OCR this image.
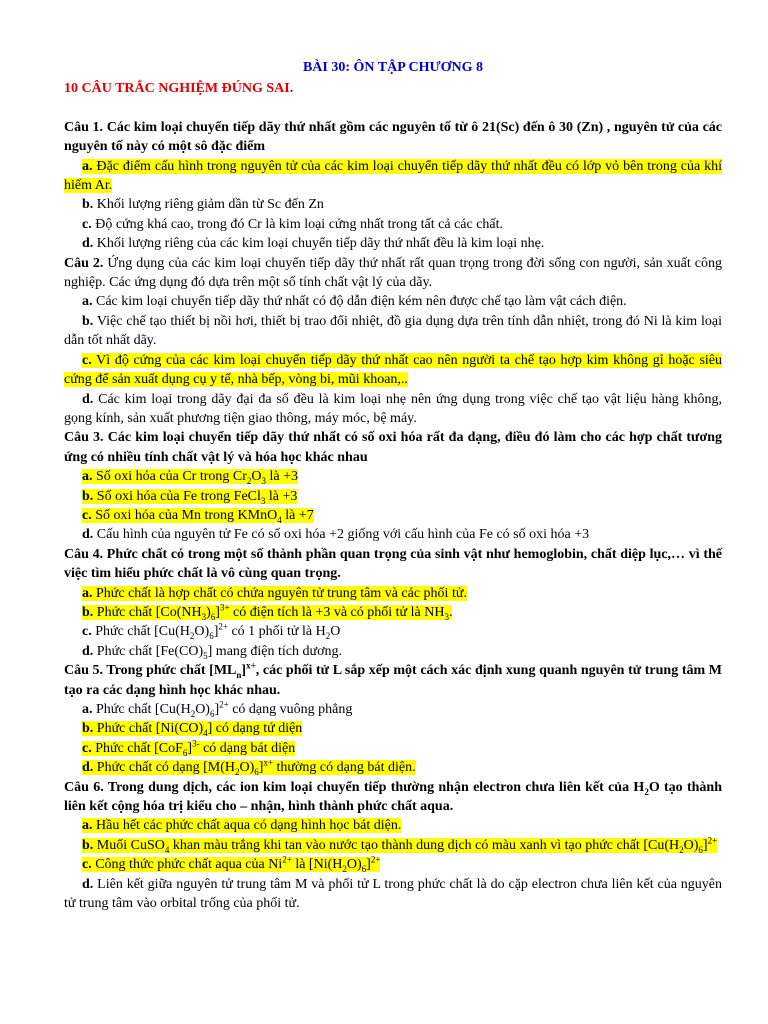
BÀI 30: ÔN TẬP CHƯƠNG 8
10 CÂU TRẮC NGHIỆM ĐÚNG SAI.
Câu 1. Các kim loại chuyển tiếp dãy thứ nhất gồm các nguyên tố từ ô 21(Sc) đến ô 30 (Zn) , nguyên tử của các nguyên tố này có một sô đặc điểm
a. Đặc điểm cấu hình trong nguyên tử của các kim loại chuyển tiếp dãy thứ nhất đều có lớp vỏ bên trong của khí hiếm Ar.
b. Khối lượng riêng giảm dần từ Sc đến Zn
c. Độ cứng khá cao, trong đó Cr là kim loại cứng nhất trong tất cả các chất.
d. Khối lượng riêng của các kim loại chuyển tiếp dãy thứ nhất đều là kim loại nhẹ.
Câu 2. Ứng dụng của các kim loại chuyển tiếp dãy thứ nhất rất quan trọng trong đời sống con người, sản xuất công nghiệp. Các ứng dụng đó dựa trên một số tính chất vật lý của dãy.
a. Các kim loại chuyển tiếp dãy thứ nhất có độ dẫn điện kém nên được chế tạo làm vật cách điện.
b. Việc chế tạo thiết bị nồi hơi, thiết bị trao đổi nhiệt, đồ gia dụng dựa trên tính dẫn nhiệt, trong đó Ni là kim loại dẫn tốt nhất dãy.
c. Vì độ cứng của các kim loại chuyển tiếp dãy thứ nhất cao nên người ta chế tạo hợp kim không gỉ hoặc siêu cứng để sản xuất dụng cụ y tế, nhà bếp, vòng bi, mũi khoan,..
d. Các kim loại trong dãy đại đa số đều là kim loại nhẹ nên ứng dụng trong việc chế tạo vật liệu hàng không, gọng kính, sản xuất phương tiện giao thông, máy móc, bệ máy.
Câu 3. Các kim loại chuyển tiếp dãy thứ nhất có số oxi hóa rất đa dạng, điều đó làm cho các hợp chất tương ứng có nhiều tính chất vật lý và hóa học khác nhau
a. Số oxi hóa của Cr trong $Cr_2O_3$ là +3
b. Số oxi hóa của Fe trong FeCl$_3$ là +3
c. Số oxi hóa của Mn trong KMnO$_4$ là +7
d. Cấu hình của nguyên tử Fe có số oxi hóa +2 giống với cấu hình của Fe có số oxi hóa +3
Câu 4. Phức chất có trong một số thành phần quan trọng của sinh vật như hemoglobin, chất diệp lục,… vì thế việc tìm hiểu phức chất là vô cùng quan trọng.
a. Phức chất là hợp chất có chứa nguyên tử trung tâm và các phối tử.
b. Phức chất $[Co(NH_3)_6]^{3+}$ có điện tích là +3 và có phối tử là $NH_3$.
c. Phức chất $[Cu(H_2O)_6]^{2+}$ có 1 phối tử là $H_2O$
d. Phức chất $[Fe(CO)_5]$ mang điện tích dương.
Câu 5. Trong phức chất $[ML_n]^{x+}$, các phối tử L sắp xếp một cách xác định xung quanh nguyên tử trung tâm M tạo ra các dạng hình học khác nhau.
a. Phức chất $[Cu(H_2O)_6]^{2+}$ có dạng vuông phẳng
b. Phức chất $[Ni(CO)_4]$ có dạng tứ diện
c. Phức chất $[CoF_6]^{3-}$ có dạng bát diện
d. Phức chất có dạng $[M(H_2O)_6]^{x+}$ thường có dạng bát diện.
Câu 6. Trong dung dịch, các ion kim loại chuyển tiếp thường nhận electron chưa liên kết của $H_2O$ tạo thành liên kết cộng hóa trị kiểu cho – nhận, hình thành phức chất aqua.
a. Hầu hết các phức chất aqua có dạng hình học bát diện.
b. Muối CuSO$_4$ khan màu trắng khi tan vào nước tạo thành dung dịch có màu xanh vì tạo phức chất $[Cu(H_2O)_6]^{2+}$
c. Công thức phức chất aqua của $Ni^{2+}$ là $[Ni(H_2O)_6]^{2+}$
d. Liên kết giữa nguyên tử trung tâm M và phối tử L trong phức chất là do cặp electron chưa liên kết của nguyên tử trung tâm vào orbital trống của phối tử.
